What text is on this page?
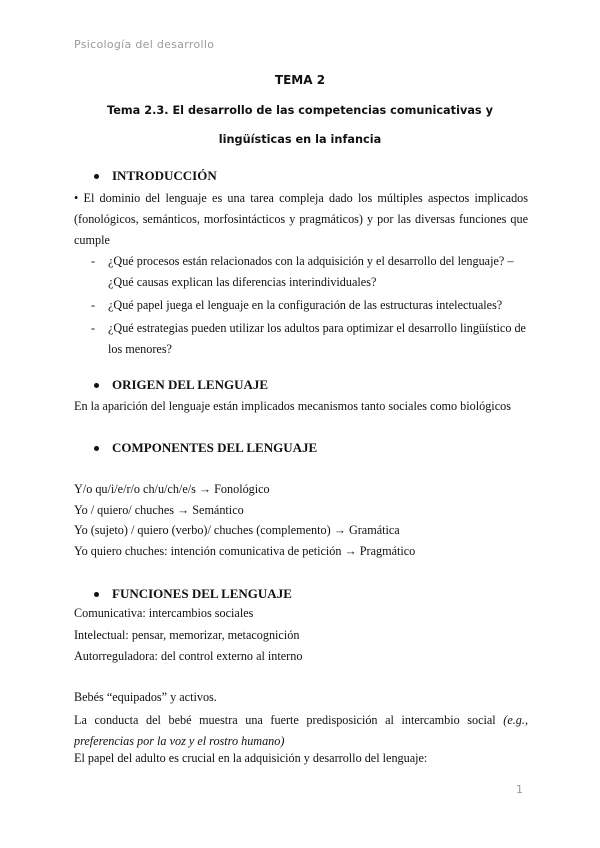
Psicología del desarrollo
TEMA 2
Tema 2.3. El desarrollo de las competencias comunicativas y lingüísticas en la infancia
INTRODUCCIÓN
• El dominio del lenguaje es una tarea compleja dado los múltiples aspectos implicados (fonológicos, semánticos, morfosintácticos y pragmáticos) y por las diversas funciones que cumple
- ¿Qué procesos están relacionados con la adquisición y el desarrollo del lenguaje? – ¿Qué causas explican las diferencias interindividuales?
- ¿Qué papel juega el lenguaje en la configuración de las estructuras intelectuales?
- ¿Qué estrategias pueden utilizar los adultos para optimizar el desarrollo lingüístico de los menores?
ORIGEN DEL LENGUAJE
En la aparición del lenguaje están implicados mecanismos tanto sociales como biológicos
COMPONENTES DEL LENGUAJE
Y/o qu/i/e/r/o ch/u/ch/e/s → Fonológico
Yo / quiero/ chuches → Semántico
Yo (sujeto) / quiero (verbo)/ chuches (complemento) → Gramática
Yo quiero chuches: intención comunicativa de petición → Pragmático
FUNCIONES DEL LENGUAJE
Comunicativa: intercambios sociales
Intelectual: pensar, memorizar, metacognición
Autorreguladora: del control externo al interno
Bebés “equipados” y activos.
La conducta del bebé muestra una fuerte predisposición al intercambio social (e.g., preferencias por la voz y el rostro humano)
El papel del adulto es crucial en la adquisición y desarrollo del lenguaje:
1
